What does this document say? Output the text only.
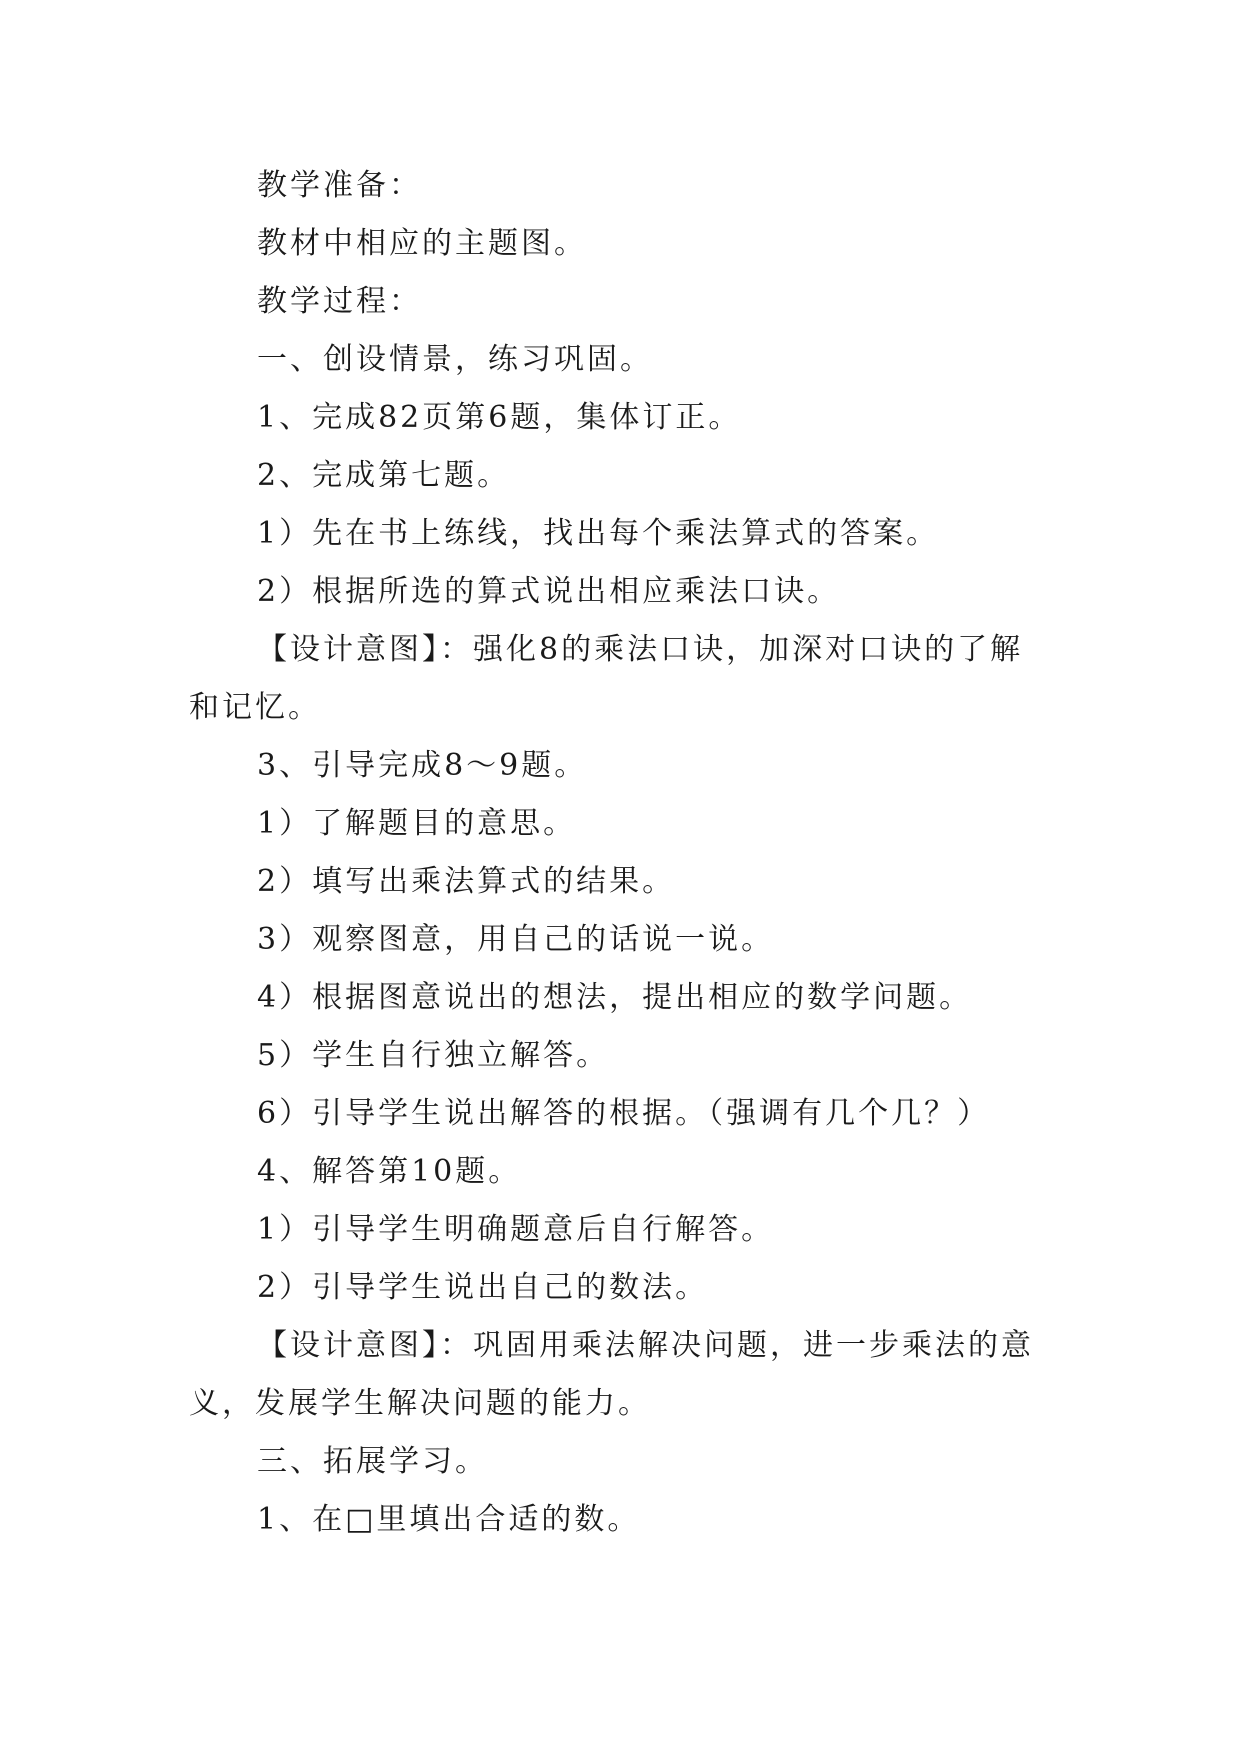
教学准备：
教材中相应的主题图。
教学过程：
一、创设情景，练习巩固。
1、完成82页第6题，集体订正。
2、完成第七题。
1）先在书上练线，找出每个乘法算式的答案。
2）根据所选的算式说出相应乘法口诀。
【设计意图】：强化8的乘法口诀，加深对口诀的了解
和记忆。
3、引导完成8～9题。
1）了解题目的意思。
2）填写出乘法算式的结果。
3）观察图意，用自己的话说一说。
4）根据图意说出的想法，提出相应的数学问题。
5）学生自行独立解答。
6）引导学生说出解答的根据。（强调有几个几？）
4、解答第10题。
1）引导学生明确题意后自行解答。
2）引导学生说出自己的数法。
【设计意图】：巩固用乘法解决问题，进一步乘法的意
义，发展学生解决问题的能力。
三、拓展学习。
1、在□里填出合适的数。
